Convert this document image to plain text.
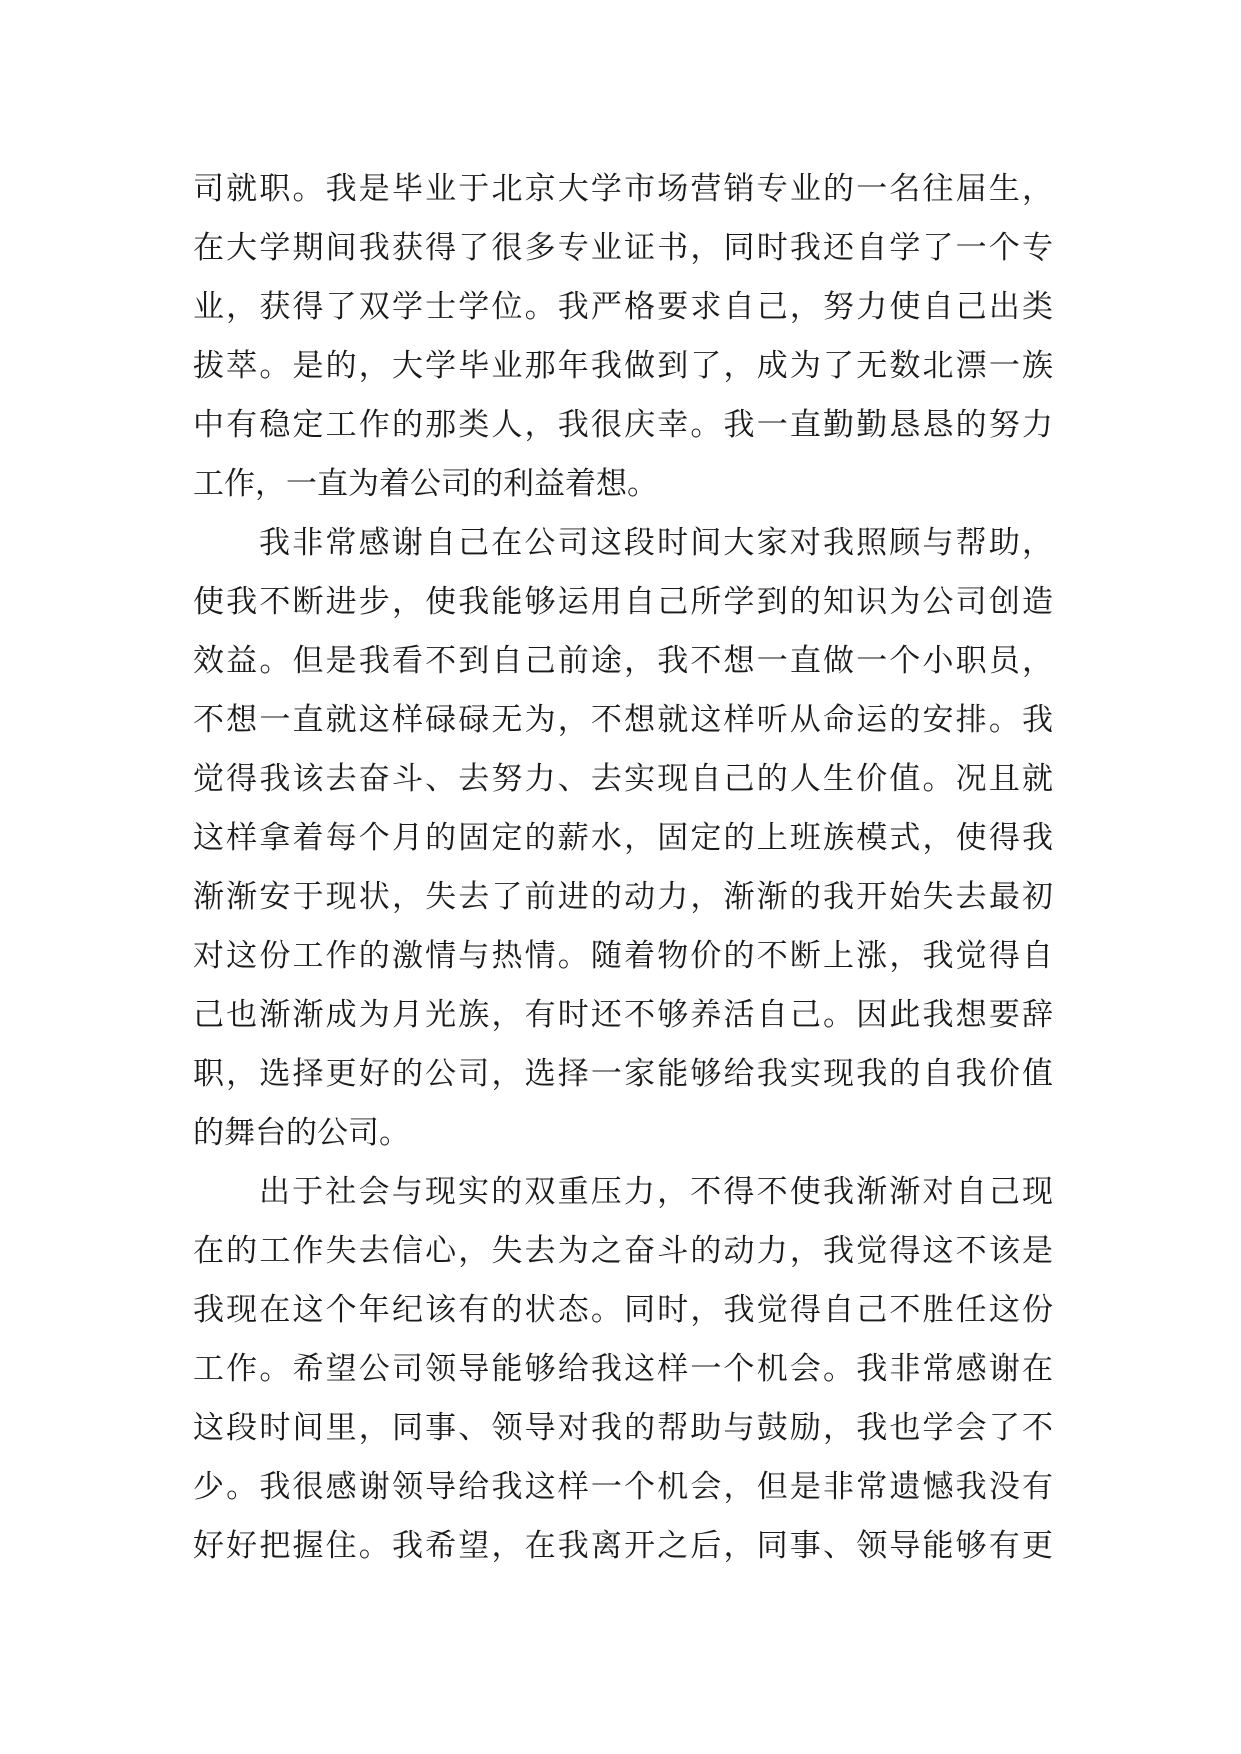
司就职。我是毕业于北京大学市场营销专业的一名往届生，
在大学期间我获得了很多专业证书，同时我还自学了一个专
业，获得了双学士学位。我严格要求自己，努力使自己出类
拔萃。是的，大学毕业那年我做到了，成为了无数北漂一族
中有稳定工作的那类人，我很庆幸。我一直勤勤恳恳的努力
工作，一直为着公司的利益着想。
我非常感谢自己在公司这段时间大家对我照顾与帮助，
使我不断进步，使我能够运用自己所学到的知识为公司创造
效益。但是我看不到自己前途，我不想一直做一个小职员，
不想一直就这样碌碌无为，不想就这样听从命运的安排。我
觉得我该去奋斗、去努力、去实现自己的人生价值。况且就
这样拿着每个月的固定的薪水，固定的上班族模式，使得我
渐渐安于现状，失去了前进的动力，渐渐的我开始失去最初
对这份工作的激情与热情。随着物价的不断上涨，我觉得自
己也渐渐成为月光族，有时还不够养活自己。因此我想要辞
职，选择更好的公司，选择一家能够给我实现我的自我价值
的舞台的公司。
出于社会与现实的双重压力，不得不使我渐渐对自己现
在的工作失去信心，失去为之奋斗的动力，我觉得这不该是
我现在这个年纪该有的状态。同时，我觉得自己不胜任这份
工作。希望公司领导能够给我这样一个机会。我非常感谢在
这段时间里，同事、领导对我的帮助与鼓励，我也学会了不
少。我很感谢领导给我这样一个机会，但是非常遗憾我没有
好好把握住。我希望，在我离开之后，同事、领导能够有更
